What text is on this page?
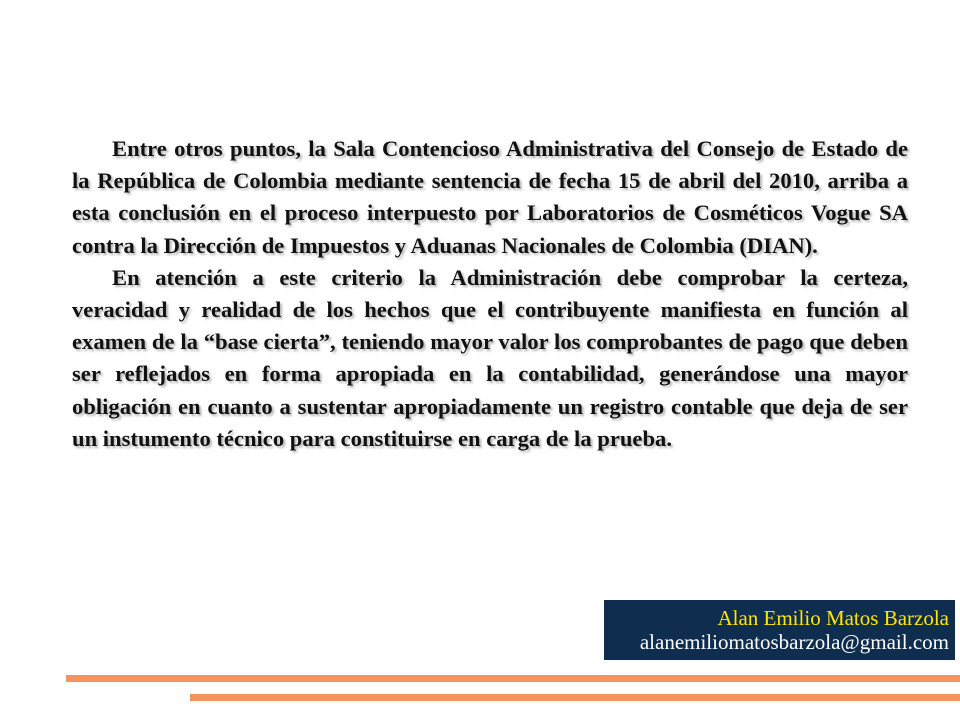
Entre otros puntos, la Sala Contencioso Administrativa del Consejo de Estado de la República de Colombia mediante sentencia de fecha 15 de abril del 2010, arriba a esta conclusión en el proceso interpuesto por Laboratorios de Cosméticos Vogue SA contra la Dirección de Impuestos y Aduanas Nacionales de Colombia (DIAN).

En atención a este criterio la Administración debe comprobar la certeza, veracidad y realidad de los hechos que el contribuyente manifiesta en función al examen de la “base cierta”, teniendo mayor valor los comprobantes de pago que deben ser reflejados en forma apropiada en la contabilidad, generándose una mayor obligación en cuanto a sustentar apropiadamente un registro contable que deja de ser un instumento técnico para constituirse en carga de la prueba.

Alan Emilio Matos Barzola
alanemiliomatosbarzola@gmail.com
